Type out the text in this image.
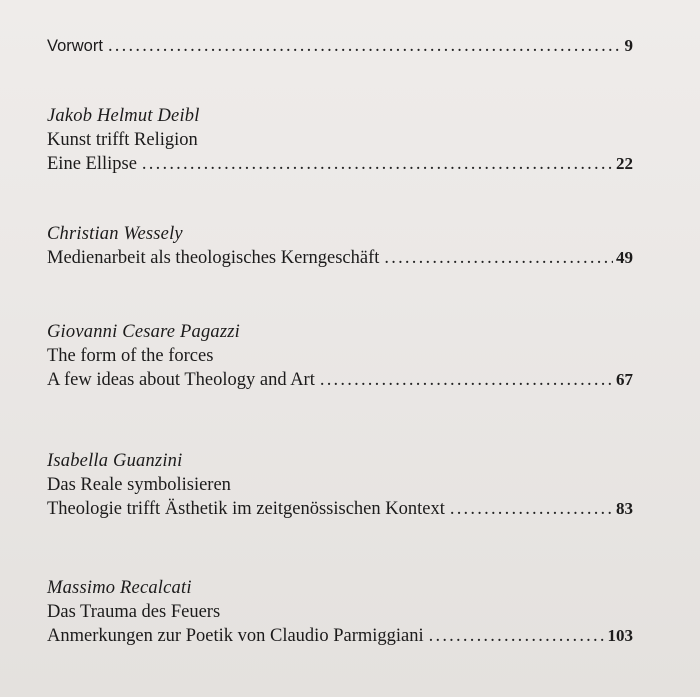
Vorwort . . .	9
Jakob Helmut Deibl
Kunst trifft Religion
Eine Ellipse . . .	22
Christian Wessely
Medienarbeit als theologisches Kerngeschäft . . .	49
Giovanni Cesare Pagazzi
The form of the forces
A few ideas about Theology and Art . . .	67
Isabella Guanzini
Das Reale symbolisieren
Theologie trifft Ästhetik im zeitgenössischen Kontext . . .	83
Massimo Recalcati
Das Trauma des Feuers
Anmerkungen zur Poetik von Claudio Parmiggiani . . .	103
